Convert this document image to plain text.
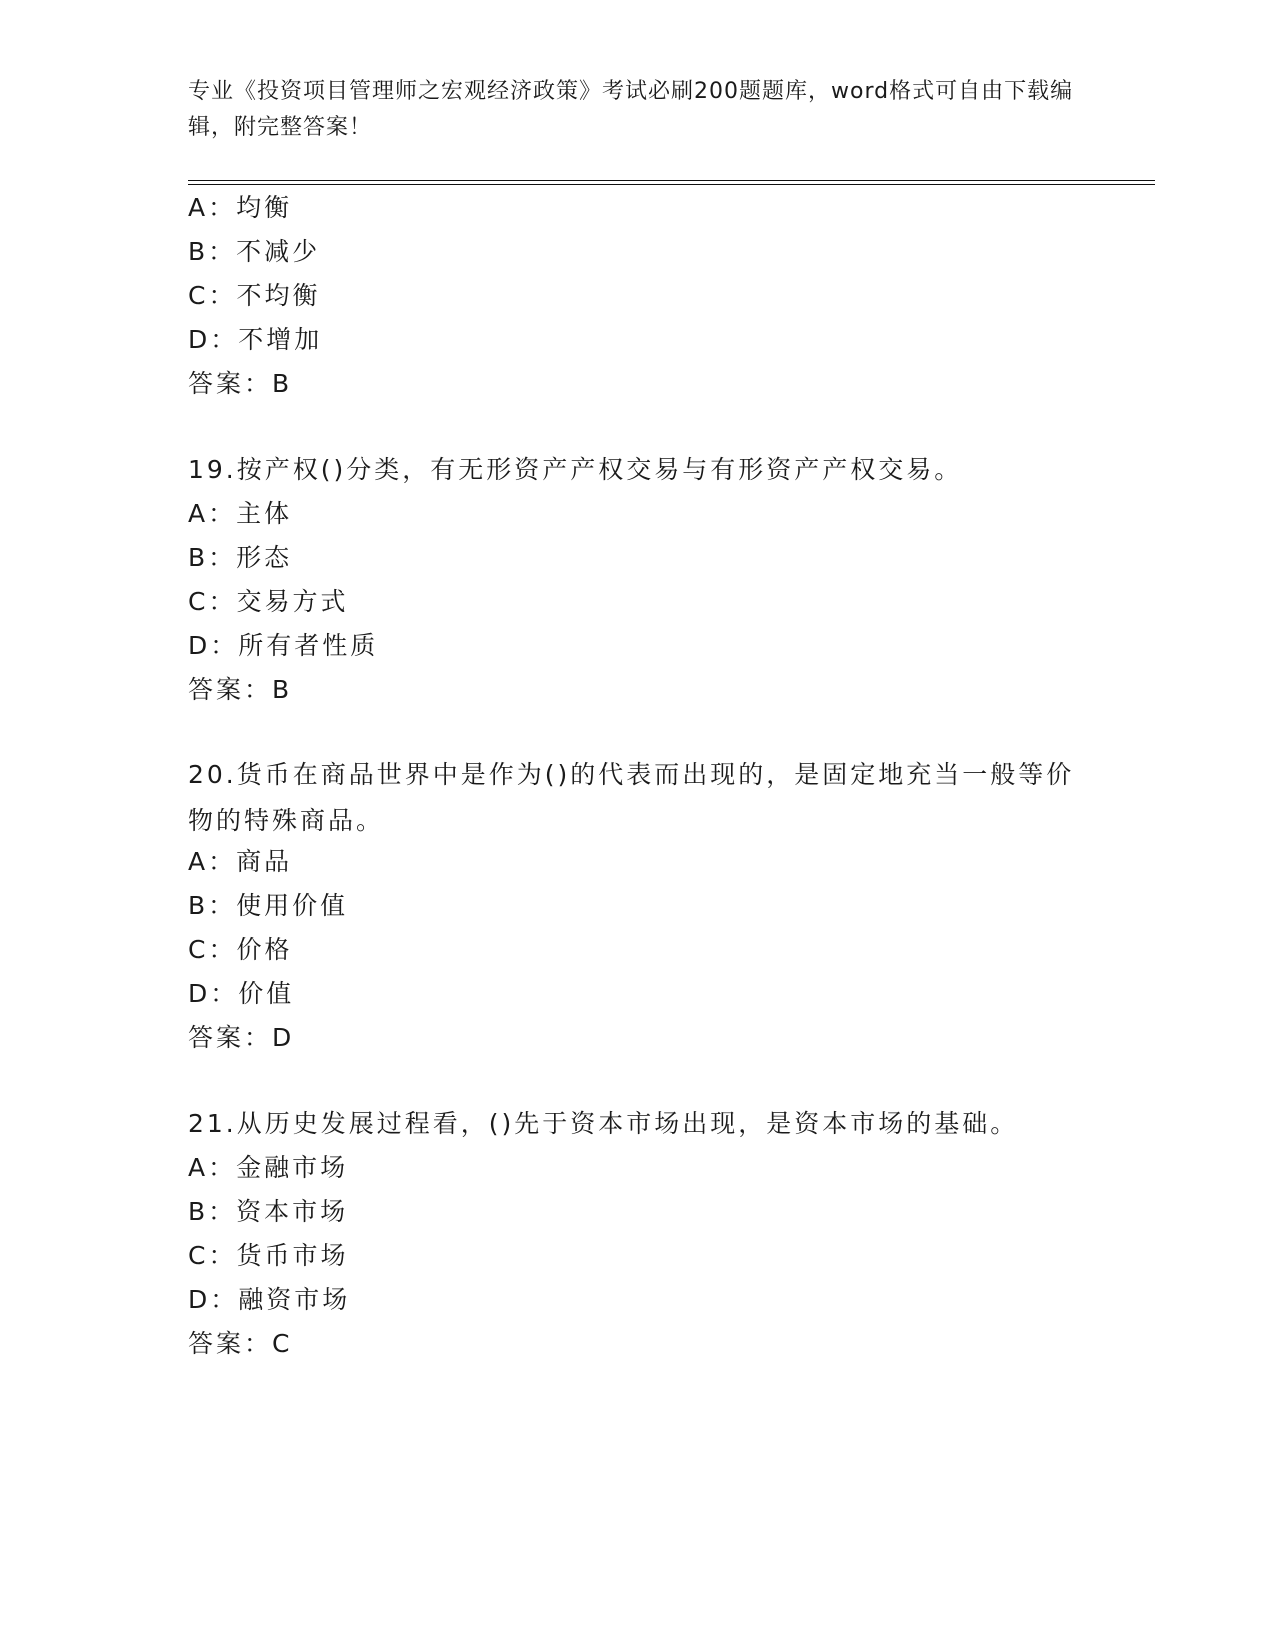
专业《投资项目管理师之宏观经济政策》考试必刷200题题库，word格式可自由下载编辑，附完整答案！
A：均衡
B：不减少
C：不均衡
D：不增加
答案：B
19.按产权()分类，有无形资产产权交易与有形资产产权交易。
A：主体
B：形态
C：交易方式
D：所有者性质
答案：B
20.货币在商品世界中是作为()的代表而出现的，是固定地充当一般等价物的特殊商品。
A：商品
B：使用价值
C：价格
D：价值
答案：D
21.从历史发展过程看，()先于资本市场出现，是资本市场的基础。
A：金融市场
B：资本市场
C：货币市场
D：融资市场
答案：C
